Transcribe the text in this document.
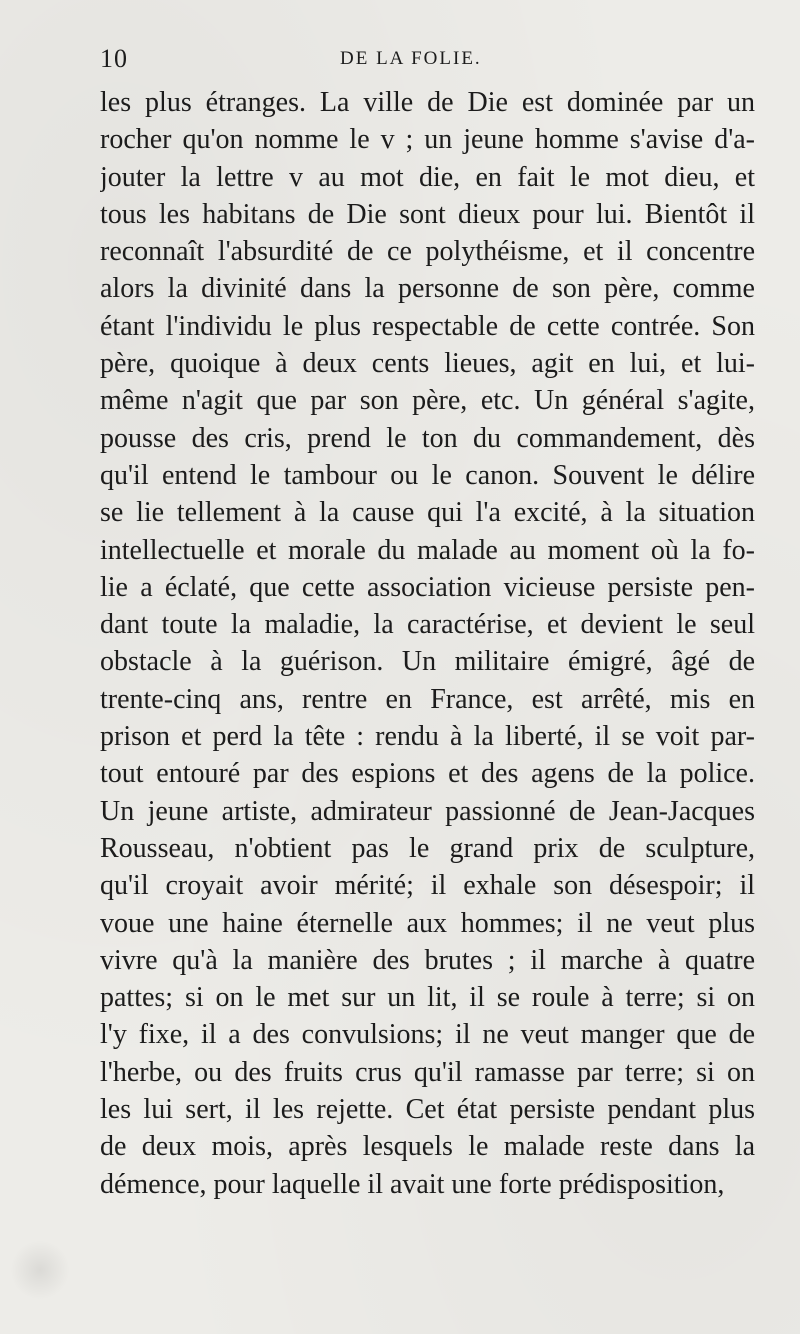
10	DE LA FOLIE.
les plus étranges. La ville de Die est dominée par un
rocher qu'on nomme le v ; un jeune homme s'avise d'a-
jouter la lettre v au mot die, en fait le mot dieu, et
tous les habitans de Die sont dieux pour lui. Bientôt il
reconnaît l'absurdité de ce polythéisme, et il concentre
alors la divinité dans la personne de son père, comme
étant l'individu le plus respectable de cette contrée. Son
père, quoique à deux cents lieues, agit en lui, et lui-
même n'agit que par son père, etc. Un général s'agite,
pousse des cris, prend le ton du commandement, dès
qu'il entend le tambour ou le canon. Souvent le délire
se lie tellement à la cause qui l'a excité, à la situation
intellectuelle et morale du malade au moment où la fo-
lie a éclaté, que cette association vicieuse persiste pen-
dant toute la maladie, la caractérise, et devient le seul
obstacle à la guérison. Un militaire émigré, âgé de
trente-cinq ans, rentre en France, est arrêté, mis en
prison et perd la tête : rendu à la liberté, il se voit par-
tout entouré par des espions et des agens de la police.
Un jeune artiste, admirateur passionné de Jean-Jacques
Rousseau, n'obtient pas le grand prix de sculpture,
qu'il croyait avoir mérité; il exhale son désespoir; il
voue une haine éternelle aux hommes; il ne veut plus
vivre qu'à la manière des brutes ; il marche à quatre
pattes; si on le met sur un lit, il se roule à terre; si on
l'y fixe, il a des convulsions; il ne veut manger que de
l'herbe, ou des fruits crus qu'il ramasse par terre; si on
les lui sert, il les rejette. Cet état persiste pendant plus
de deux mois, après lesquels le malade reste dans la
démence, pour laquelle il avait une forte prédisposition,
